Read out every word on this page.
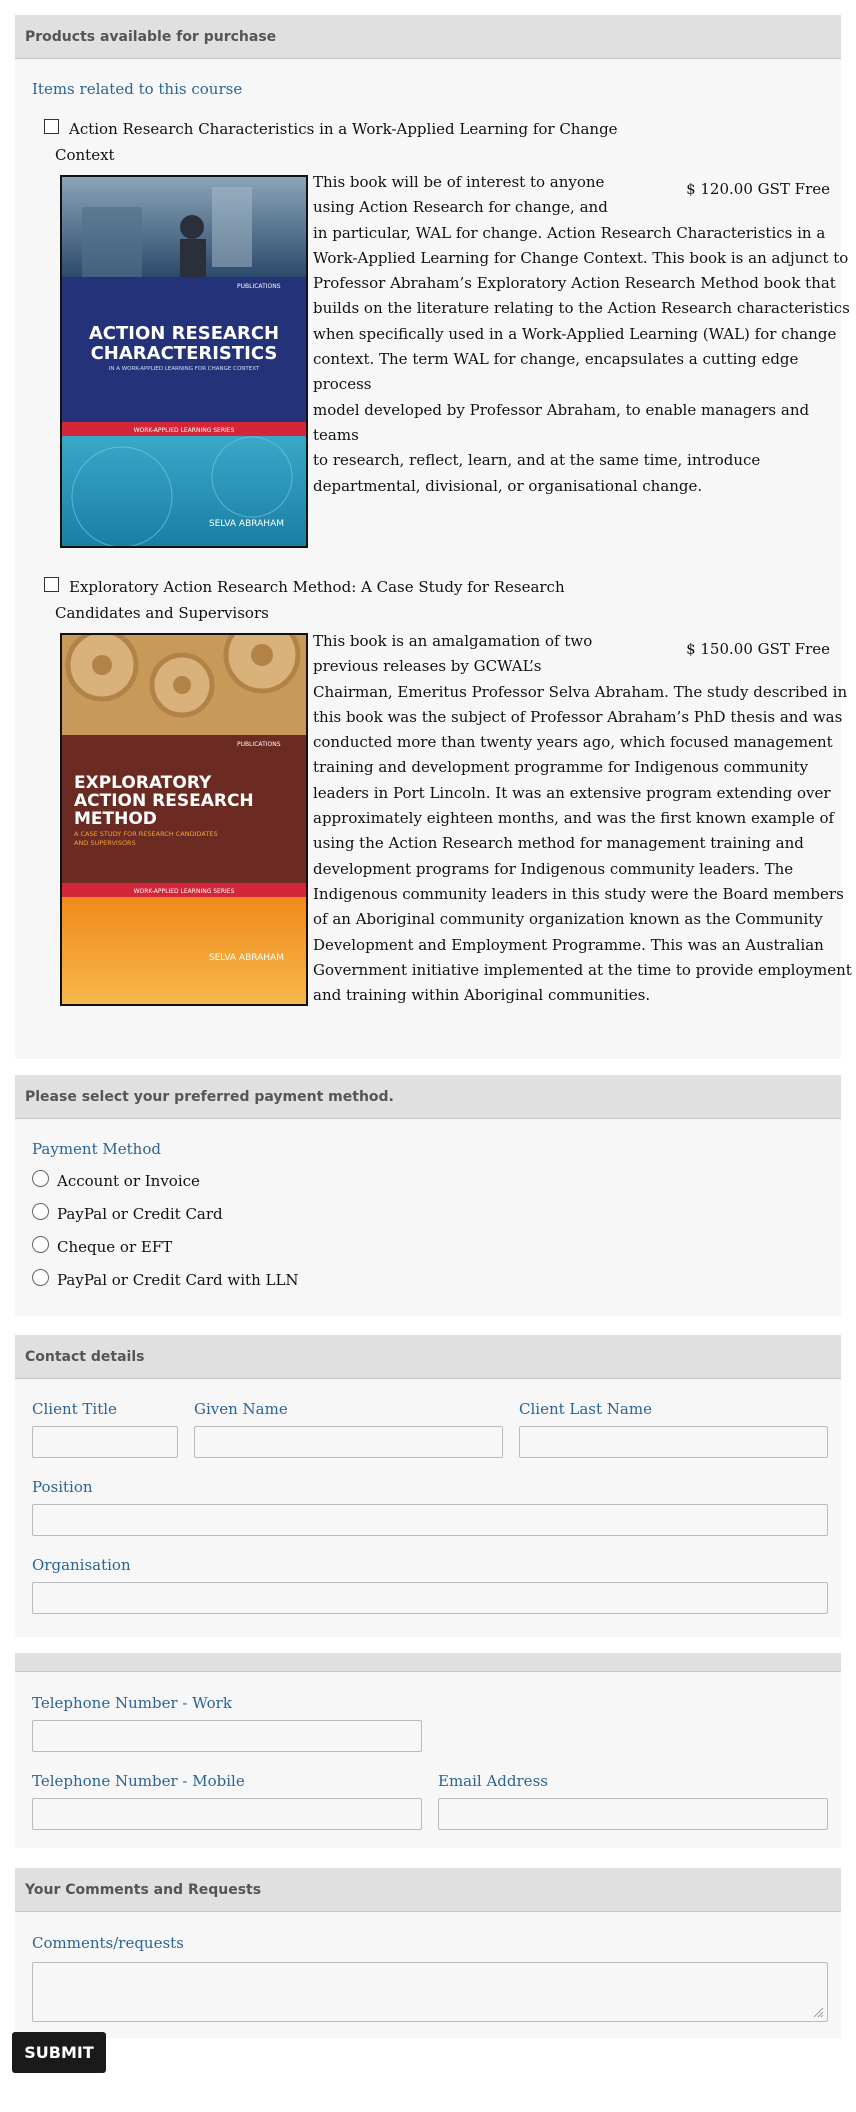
Products available for purchase
Items related to this course
Action Research Characteristics in a Work-Applied Learning for Change
Context
PUBLICATIONS
ACTION RESEARCH
CHARACTERISTICS
IN A WORK-APPLIED LEARNING FOR CHANGE CONTEXT
WORK-APPLIED LEARNING SERIES
SELVA ABRAHAM
$ 120.00 GST Free
This book will be of interest to anyone
using Action Research for change, and
in particular, WAL for change. Action Research Characteristics in a
Work-Applied Learning for Change Context. This book is an adjunct to
Professor Abraham’s Exploratory Action Research Method book that
builds on the literature relating to the Action Research characteristics
when specifically used in a Work-Applied Learning (WAL) for change
context. The term WAL for change, encapsulates a cutting edge process
model developed by Professor Abraham, to enable managers and teams
to research, reflect, learn, and at the same time, introduce
departmental, divisional, or organisational change.
Exploratory Action Research Method: A Case Study for Research
Candidates and Supervisors
PUBLICATIONS
EXPLORATORY
ACTION RESEARCH
METHOD
A CASE STUDY FOR RESEARCH CANDIDATES
AND SUPERVISORS
WORK-APPLIED LEARNING SERIES
SELVA ABRAHAM
$ 150.00 GST Free
This book is an amalgamation of two
previous releases by GCWAL’s
Chairman, Emeritus Professor Selva Abraham. The study described in
this book was the subject of Professor Abraham’s PhD thesis and was
conducted more than twenty years ago, which focused management
training and development programme for Indigenous community
leaders in Port Lincoln. It was an extensive program extending over
approximately eighteen months, and was the first known example of
using the Action Research method for management training and
development programs for Indigenous community leaders. The
Indigenous community leaders in this study were the Board members
of an Aboriginal community organization known as the Community
Development and Employment Programme. This was an Australian
Government initiative implemented at the time to provide employment
and training within Aboriginal communities.
Please select your preferred payment method.
Payment Method
Account or Invoice
PayPal or Credit Card
Cheque or EFT
PayPal or Credit Card with LLN
Contact details
Client Title	Given Name	Client Last Name
Position
Organisation
Telephone Number - Work
Telephone Number - Mobile	Email Address
Your Comments and Requests
Comments/requests
SUBMIT
